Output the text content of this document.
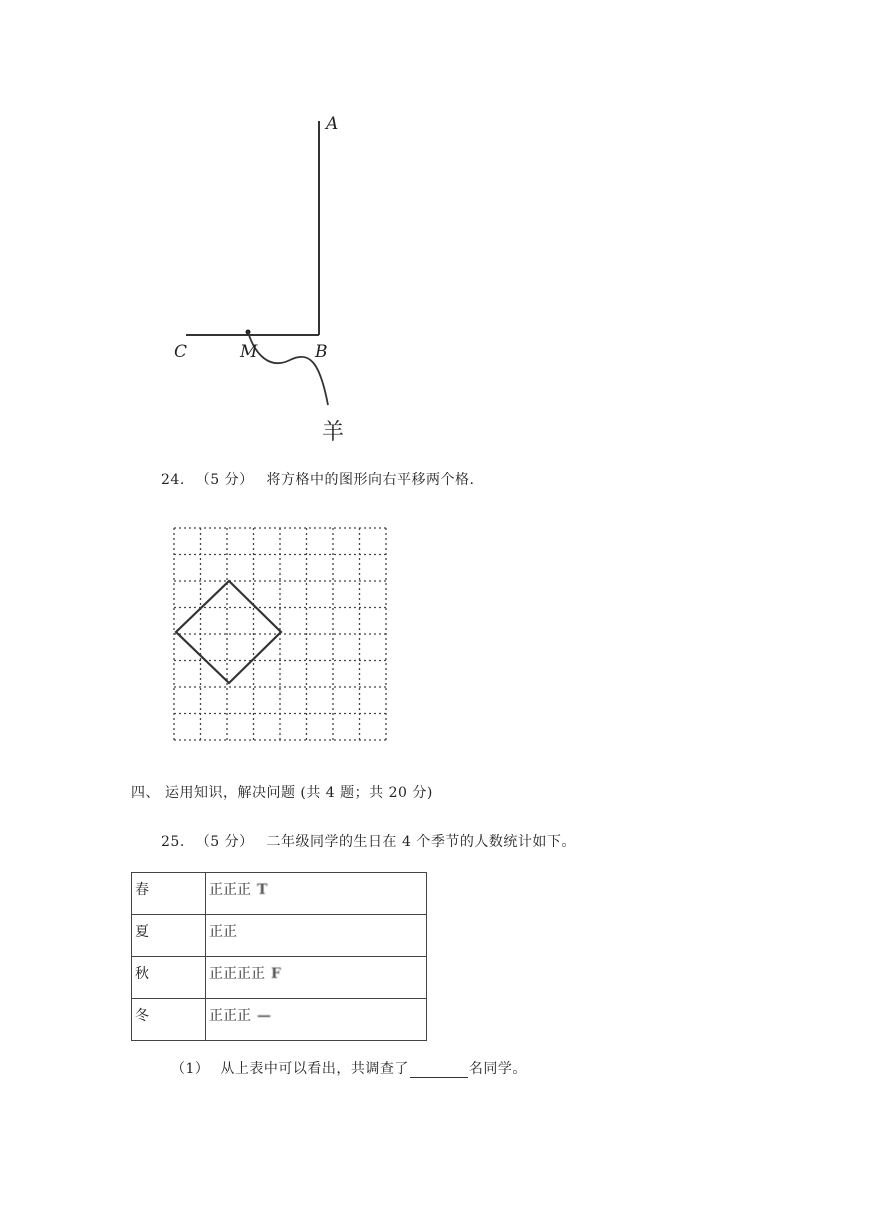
A
C	M	B
羊
24. （5 分） 将方格中的图形向右平移两个格.
四、 运用知识，解决问题 (共 4 题；共 20 分)
25. （5 分） 二年级同学的生日在 4 个季节的人数统计如下。
春	正正正 T
夏	正正
秋	正正正正 F
冬	正正正 —
（1） 从上表中可以看出，共调查了	名同学。
